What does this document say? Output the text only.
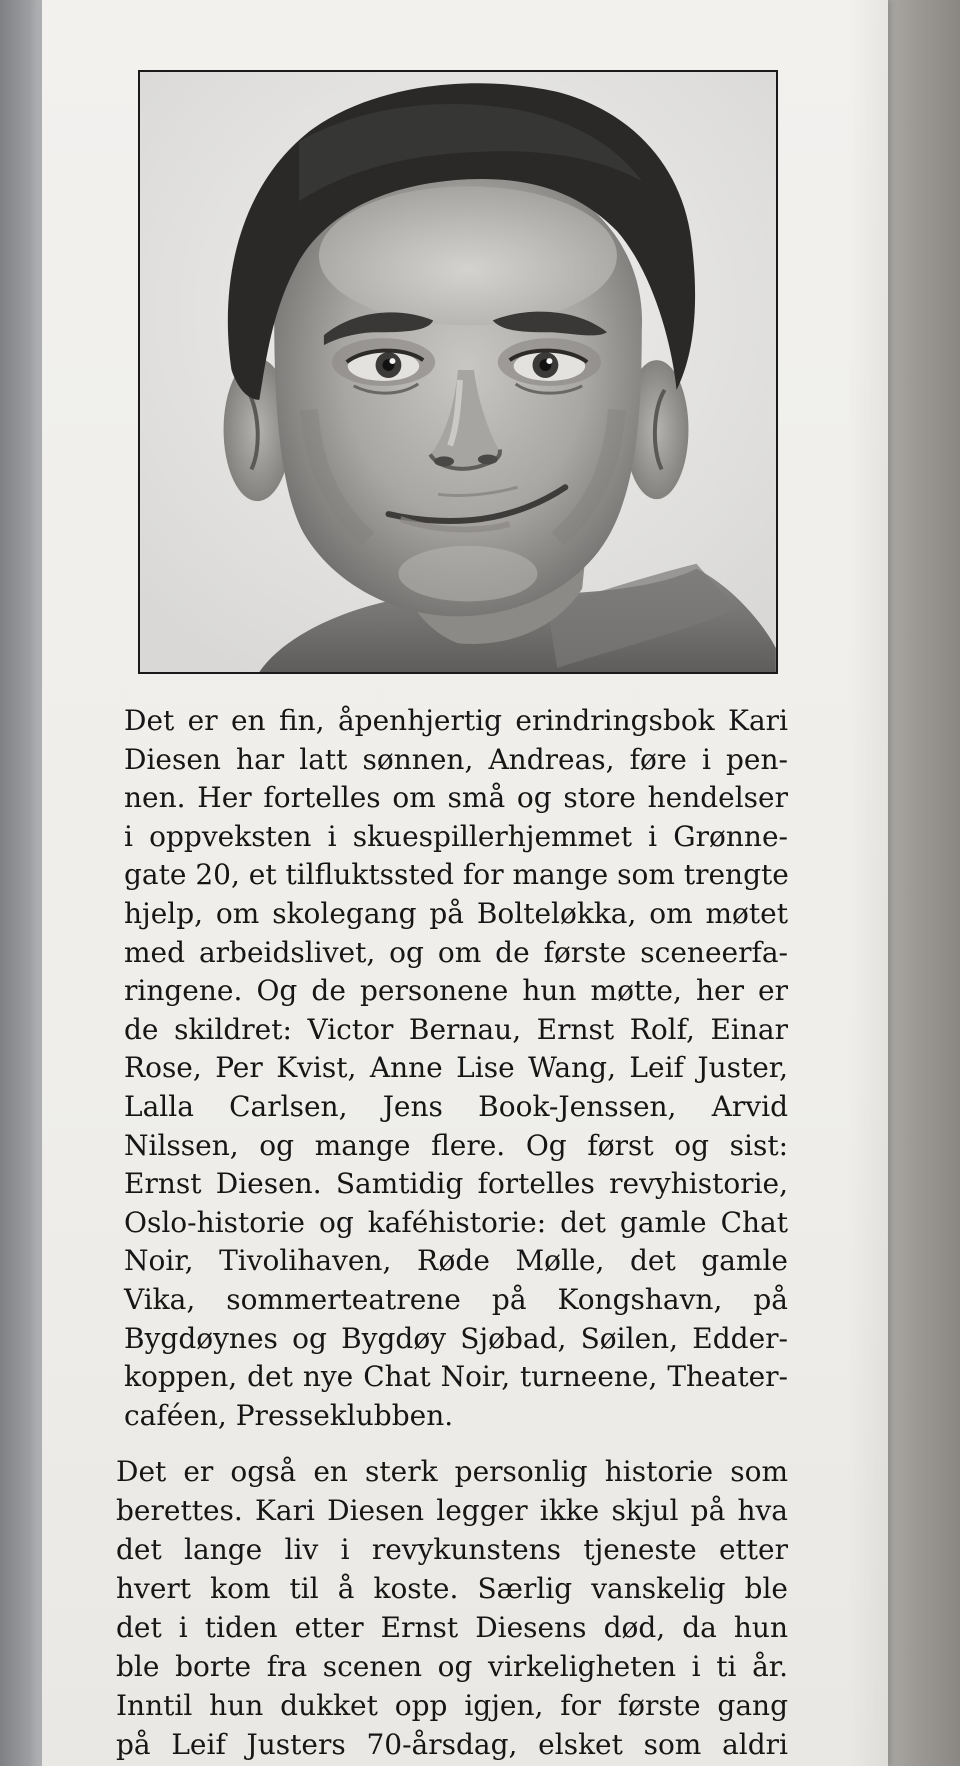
Det er en fin, åpenhjertig erindringsbok Kari
Diesen har latt sønnen, Andreas, føre i pen-
nen. Her fortelles om små og store hendelser
i oppveksten i skuespillerhjemmet i Grønne-
gate 20, et tilfluktssted for mange som trengte
hjelp, om skolegang på Bolteløkka, om møtet
med arbeidslivet, og om de første sceneerfa-
ringene. Og de personene hun møtte, her er
de skildret: Victor Bernau, Ernst Rolf, Einar
Rose, Per Kvist, Anne Lise Wang, Leif Juster,
Lalla Carlsen, Jens Book-Jenssen, Arvid
Nilssen, og mange flere. Og først og sist:
Ernst Diesen. Samtidig fortelles revyhistorie,
Oslo-historie og kaféhistorie: det gamle Chat
Noir, Tivolihaven, Røde Mølle, det gamle
Vika, sommerteatrene på Kongshavn, på
Bygdøynes og Bygdøy Sjøbad, Søilen, Edder-
koppen, det nye Chat Noir, turneene, Theater-
caféen, Presseklubben.
Det er også en sterk personlig historie som
berettes. Kari Diesen legger ikke skjul på hva
det lange liv i revykunstens tjeneste etter
hvert kom til å koste. Særlig vanskelig ble
det i tiden etter Ernst Diesens død, da hun
ble borte fra scenen og virkeligheten i ti år.
Inntil hun dukket opp igjen, for første gang
på Leif Justers 70-årsdag, elsket som aldri
